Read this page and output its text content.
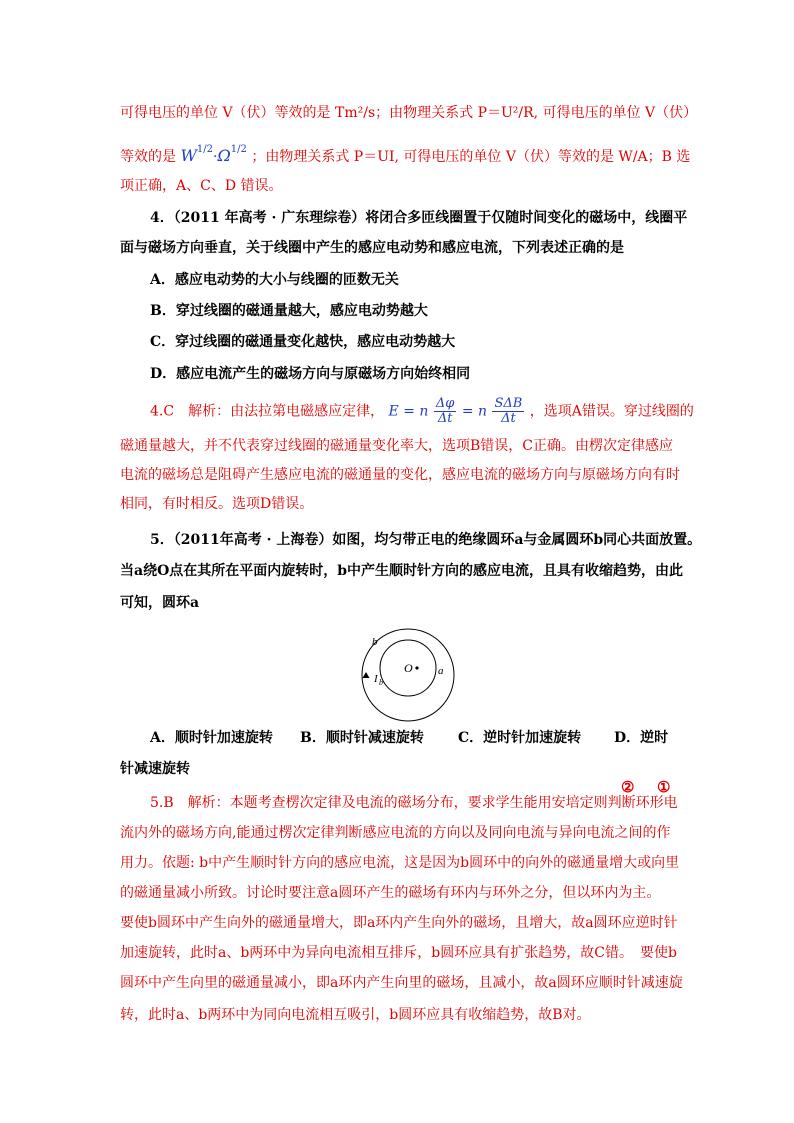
可得电压的单位 V（伏）等效的是 Tm²/s；由物理关系式 P＝U²/R, 可得电压的单位 V（伏）
等效的是 $W^{1/2}\cdot\Omega^{1/2}$ ；由物理关系式 P＝UI, 可得电压的单位 V（伏）等效的是 W/A；B 选
项正确，A、C、D 错误。
4．（2011 年高考 · 广东理综卷）将闭合多匝线圈置于仅随时间变化的磁场中，线圈平
面与磁场方向垂直，关于线圈中产生的感应电动势和感应电流，下列表述正确的是
A．感应电动势的大小与线圈的匝数无关
B．穿过线圈的磁通量越大，感应电动势越大
C．穿过线圈的磁通量变化越快，感应电动势越大
D．感应电流产生的磁场方向与原磁场方向始终相同
4.C　解析：由法拉第电磁感应定律， E = n $\frac{\Delta\varphi}{\Delta t} = n \frac{\text{SΔB}}{\Delta t}$ ，选项A错误。穿过线圈的
磁通量越大，并不代表穿过线圈的磁通量变化率大，选项B错误，C正确。由楞次定律感应
电流的磁场总是阻碍产生感应电流的磁通量的变化，感应电流的磁场方向与原磁场方向有时
相同，有时相反。选项D错误。
5．（2011年高考 · 上海卷）如图，均匀带正电的绝缘圆环a与金属圆环b同心共面放置。
当a绕O点在其所在平面内旋转时，b中产生顺时针方向的感应电流，且具有收缩趋势，由此
可知，圆环a
b
O a
I b
A．顺时针加速旋转 B．顺时针减速旋转 C．逆时针加速旋转 D．逆时
针减速旋转
② ①
5.B　解析：本题考查楞次定律及电流的磁场分布，要求学生能用安培定则判断环形电
流内外的磁场方向,能通过楞次定律判断感应电流的方向以及同向电流与异向电流之间的作
用力。依题: b中产生顺时针方向的感应电流，这是因为b圆环中的向外的磁通量增大或向里
的磁通量减小所致。讨论时要注意a圆环产生的磁场有环内与环外之分，但以环内为主。
要使b圆环中产生向外的磁通量增大，即a环内产生向外的磁场，且增大，故a圆环应逆时针
加速旋转，此时a、b两环中为异向电流相互排斥，b圆环应具有扩张趋势，故C错。　要使b
圆环中产生向里的磁通量减小，即a环内产生向里的磁场，且减小，故a圆环应顺时针减速旋
转，此时a、b两环中为同向电流相互吸引，b圆环应具有收缩趋势，故B对。
